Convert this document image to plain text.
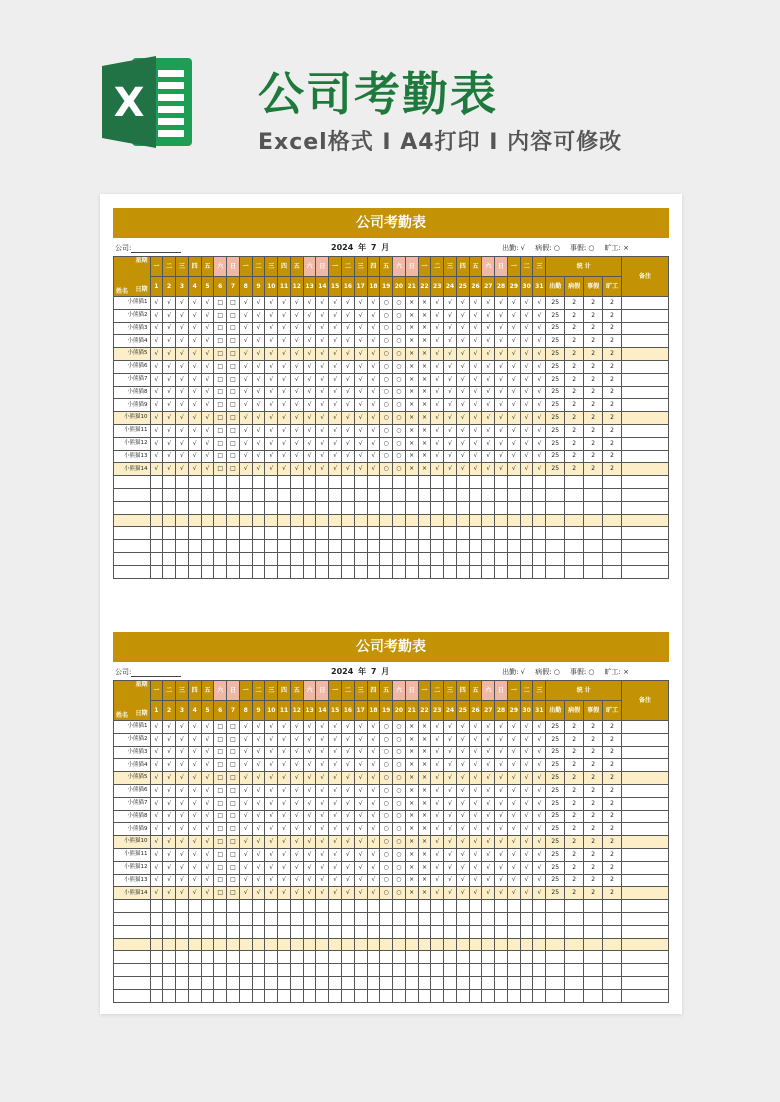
X 公司考勤表
Excel格式 I A4打印 I 内容可修改
公司考勤表
公司:	2024 年 7 月	出勤: √ 病假: ○ 事假: ○ 旷工: ×
星期
日期
姓名	一	二	三	四	五	六	日	一	二	三	四	五	六	日	一	二	三	四	五	六	日	一	二	三	四	五	六	日	一	二	三	统 计				备注
	1	2	3	4	5	6	7	8	9	10	11	12	13	14	15	16	17	18	19	20	21	22	23	24	25	26	27	28	29	30	31	出勤	病假	事假	旷工	
小熊猫1	√	√	√	√	√	□	□	√	√	√	√	√	√	√	√	√	√	√	○	○	×	×	√	√	√	√	√	√	√	√	√	25	2	2	2	
小熊猫2	√	√	√	√	√	□	□	√	√	√	√	√	√	√	√	√	√	√	○	○	×	×	√	√	√	√	√	√	√	√	√	25	2	2	2	
小熊猫3	√	√	√	√	√	□	□	√	√	√	√	√	√	√	√	√	√	√	○	○	×	×	√	√	√	√	√	√	√	√	√	25	2	2	2	
小熊猫4	√	√	√	√	√	□	□	√	√	√	√	√	√	√	√	√	√	√	○	○	×	×	√	√	√	√	√	√	√	√	√	25	2	2	2	
小熊猫5	√	√	√	√	√	□	□	√	√	√	√	√	√	√	√	√	√	√	○	○	×	×	√	√	√	√	√	√	√	√	√	25	2	2	2	
小熊猫6	√	√	√	√	√	□	□	√	√	√	√	√	√	√	√	√	√	√	○	○	×	×	√	√	√	√	√	√	√	√	√	25	2	2	2	
小熊猫7	√	√	√	√	√	□	□	√	√	√	√	√	√	√	√	√	√	√	○	○	×	×	√	√	√	√	√	√	√	√	√	25	2	2	2	
小熊猫8	√	√	√	√	√	□	□	√	√	√	√	√	√	√	√	√	√	√	○	○	×	×	√	√	√	√	√	√	√	√	√	25	2	2	2	
小熊猫9	√	√	√	√	√	□	□	√	√	√	√	√	√	√	√	√	√	√	○	○	×	×	√	√	√	√	√	√	√	√	√	25	2	2	2	
小熊猫10	√	√	√	√	√	□	□	√	√	√	√	√	√	√	√	√	√	√	○	○	×	×	√	√	√	√	√	√	√	√	√	25	2	2	2	
小熊猫11	√	√	√	√	√	□	□	√	√	√	√	√	√	√	√	√	√	√	○	○	×	×	√	√	√	√	√	√	√	√	√	25	2	2	2	
小熊猫12	√	√	√	√	√	□	□	√	√	√	√	√	√	√	√	√	√	√	○	○	×	×	√	√	√	√	√	√	√	√	√	25	2	2	2	
小熊猫13	√	√	√	√	√	□	□	√	√	√	√	√	√	√	√	√	√	√	○	○	×	×	√	√	√	√	√	√	√	√	√	25	2	2	2	
小熊猫14	√	√	√	√	√	□	□	√	√	√	√	√	√	√	√	√	√	√	○	○	×	×	√	√	√	√	√	√	√	√	√	25	2	2	2	

公司考勤表
公司:	2024 年 7 月	出勤: √ 病假: ○ 事假: ○ 旷工: ×
星期
日期
姓名	一	二	三	四	五	六	日	一	二	三	四	五	六	日	一	二	三	四	五	六	日	一	二	三	四	五	六	日	一	二	三	统 计				备注
	1	2	3	4	5	6	7	8	9	10	11	12	13	14	15	16	17	18	19	20	21	22	23	24	25	26	27	28	29	30	31	出勤	病假	事假	旷工	
小熊猫1	√	√	√	√	√	□	□	√	√	√	√	√	√	√	√	√	√	√	○	○	×	×	√	√	√	√	√	√	√	√	√	25	2	2	2	
小熊猫2	√	√	√	√	√	□	□	√	√	√	√	√	√	√	√	√	√	√	○	○	×	×	√	√	√	√	√	√	√	√	√	25	2	2	2	
小熊猫3	√	√	√	√	√	□	□	√	√	√	√	√	√	√	√	√	√	√	○	○	×	×	√	√	√	√	√	√	√	√	√	25	2	2	2	
小熊猫4	√	√	√	√	√	□	□	√	√	√	√	√	√	√	√	√	√	√	○	○	×	×	√	√	√	√	√	√	√	√	√	25	2	2	2	
小熊猫5	√	√	√	√	√	□	□	√	√	√	√	√	√	√	√	√	√	√	○	○	×	×	√	√	√	√	√	√	√	√	√	25	2	2	2	
小熊猫6	√	√	√	√	√	□	□	√	√	√	√	√	√	√	√	√	√	√	○	○	×	×	√	√	√	√	√	√	√	√	√	25	2	2	2	
小熊猫7	√	√	√	√	√	□	□	√	√	√	√	√	√	√	√	√	√	√	○	○	×	×	√	√	√	√	√	√	√	√	√	25	2	2	2	
小熊猫8	√	√	√	√	√	□	□	√	√	√	√	√	√	√	√	√	√	√	○	○	×	×	√	√	√	√	√	√	√	√	√	25	2	2	2	
小熊猫9	√	√	√	√	√	□	□	√	√	√	√	√	√	√	√	√	√	√	○	○	×	×	√	√	√	√	√	√	√	√	√	25	2	2	2	
小熊猫10	√	√	√	√	√	□	□	√	√	√	√	√	√	√	√	√	√	√	○	○	×	×	√	√	√	√	√	√	√	√	√	25	2	2	2	
小熊猫11	√	√	√	√	√	□	□	√	√	√	√	√	√	√	√	√	√	√	○	○	×	×	√	√	√	√	√	√	√	√	√	25	2	2	2	
小熊猫12	√	√	√	√	√	□	□	√	√	√	√	√	√	√	√	√	√	√	○	○	×	×	√	√	√	√	√	√	√	√	√	25	2	2	2	
小熊猫13	√	√	√	√	√	□	□	√	√	√	√	√	√	√	√	√	√	√	○	○	×	×	√	√	√	√	√	√	√	√	√	25	2	2	2	
小熊猫14	√	√	√	√	√	□	□	√	√	√	√	√	√	√	√	√	√	√	○	○	×	×	√	√	√	√	√	√	√	√	√	25	2	2	2	
